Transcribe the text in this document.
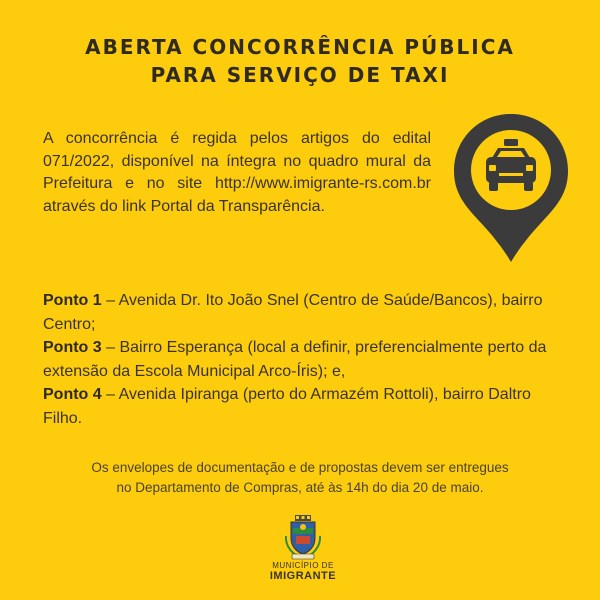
ABERTA CONCORRÊNCIA PÚBLICA
PARA SERVIÇO DE TAXI
A concorrência é regida pelos artigos do edital 071/2022, disponível na íntegra no quadro mural da Prefeitura e no site http://www.imigrante-rs.com.br através do link Portal da Transparência.
Ponto 1 – Avenida Dr. Ito João Snel (Centro de Saúde/Bancos), bairro Centro;
Ponto 3 – Bairro Esperança (local a definir, preferencialmente perto da extensão da Escola Municipal Arco-Íris); e,
Ponto 4 – Avenida Ipiranga (perto do Armazém Rottoli), bairro Daltro Filho.
Os envelopes de documentação e de propostas devem ser entregues
no Departamento de Compras, até às 14h do dia 20 de maio.
MUNICÍPIO DE
IMIGRANTE
